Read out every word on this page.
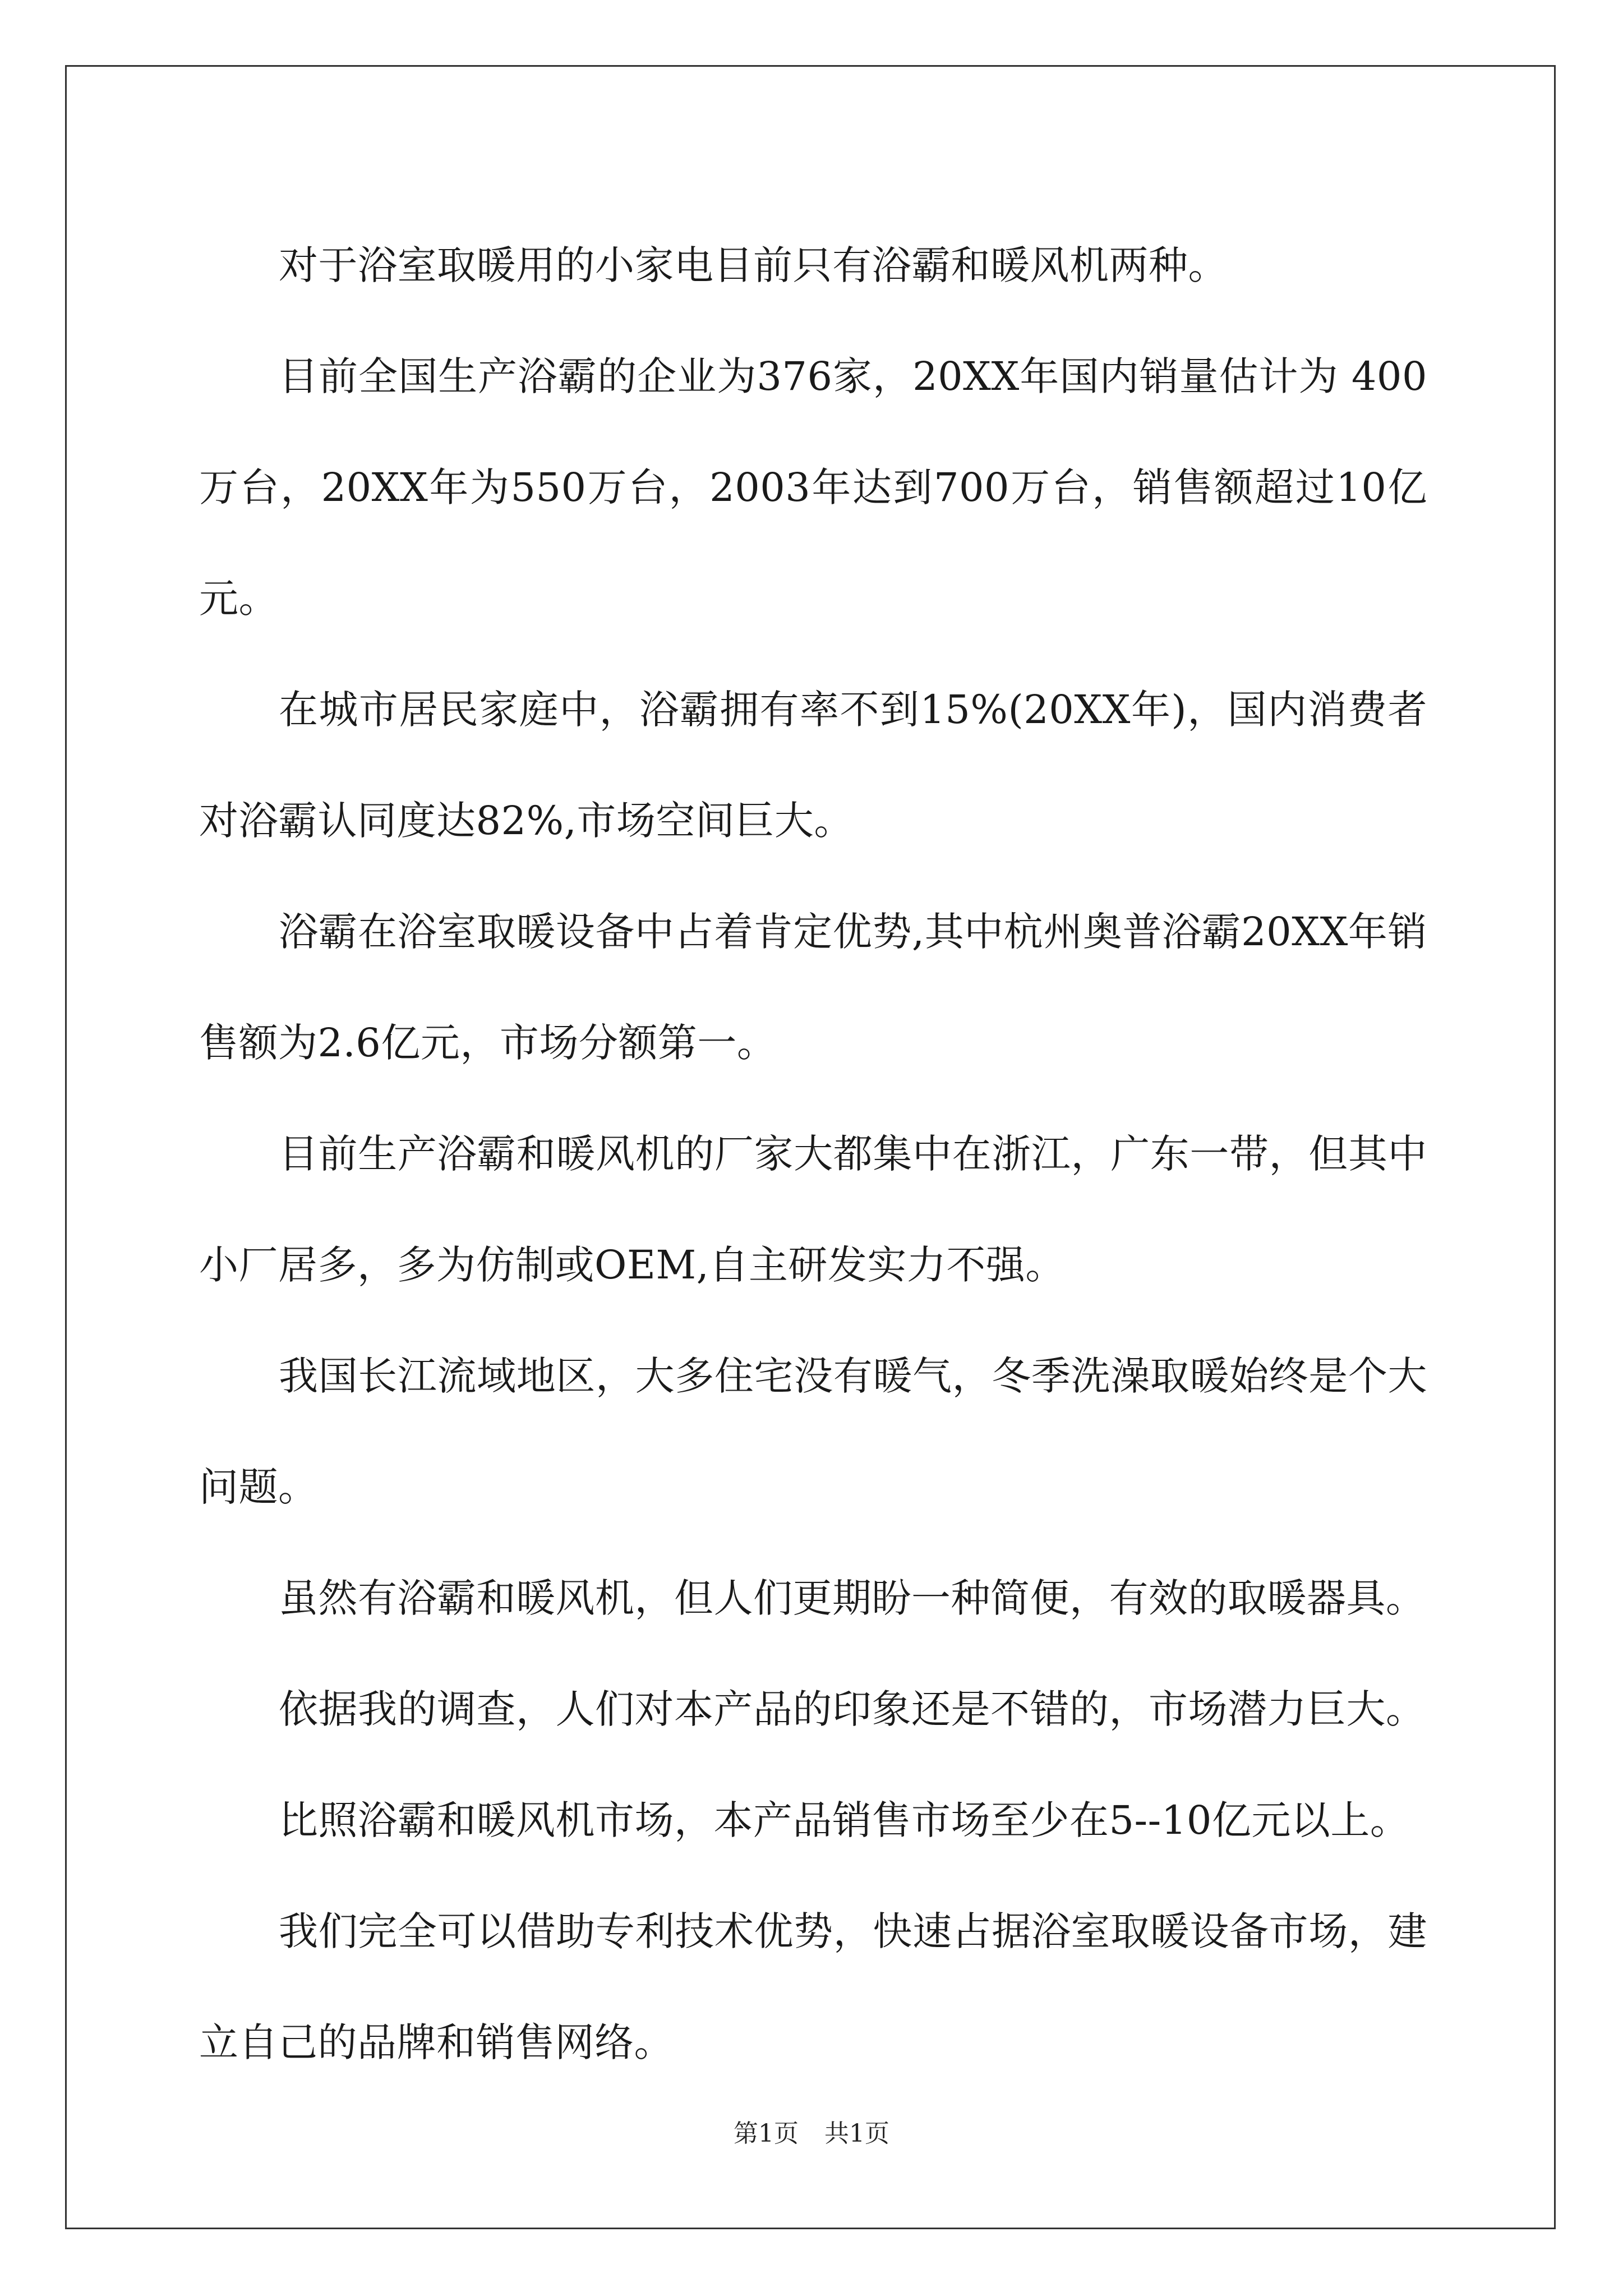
对于浴室取暖用的小家电目前只有浴霸和暖风机两种。

目前全国生产浴霸的企业为376家，20XX年国内销量估计为 400 万台，20XX年为550万台，2003年达到700万台，销售额超过10亿元。

在城市居民家庭中，浴霸拥有率不到15%(20XX年)，国内消费者对浴霸认同度达82%,市场空间巨大。

浴霸在浴室取暖设备中占着肯定优势,其中杭州奥普浴霸20XX年销售额为2.6亿元，市场分额第一。

目前生产浴霸和暖风机的厂家大都集中在浙江，广东一带，但其中小厂居多，多为仿制或OEM,自主研发实力不强。

我国长江流域地区，大多住宅没有暖气，冬季洗澡取暖始终是个大问题。

虽然有浴霸和暖风机，但人们更期盼一种简便，有效的取暖器具。

依据我的调查，人们对本产品的印象还是不错的，市场潜力巨大。

比照浴霸和暖风机市场，本产品销售市场至少在5--10亿元以上。

我们完全可以借助专利技术优势，快速占据浴室取暖设备市场，建立自己的品牌和销售网络。

第1页 共1页
